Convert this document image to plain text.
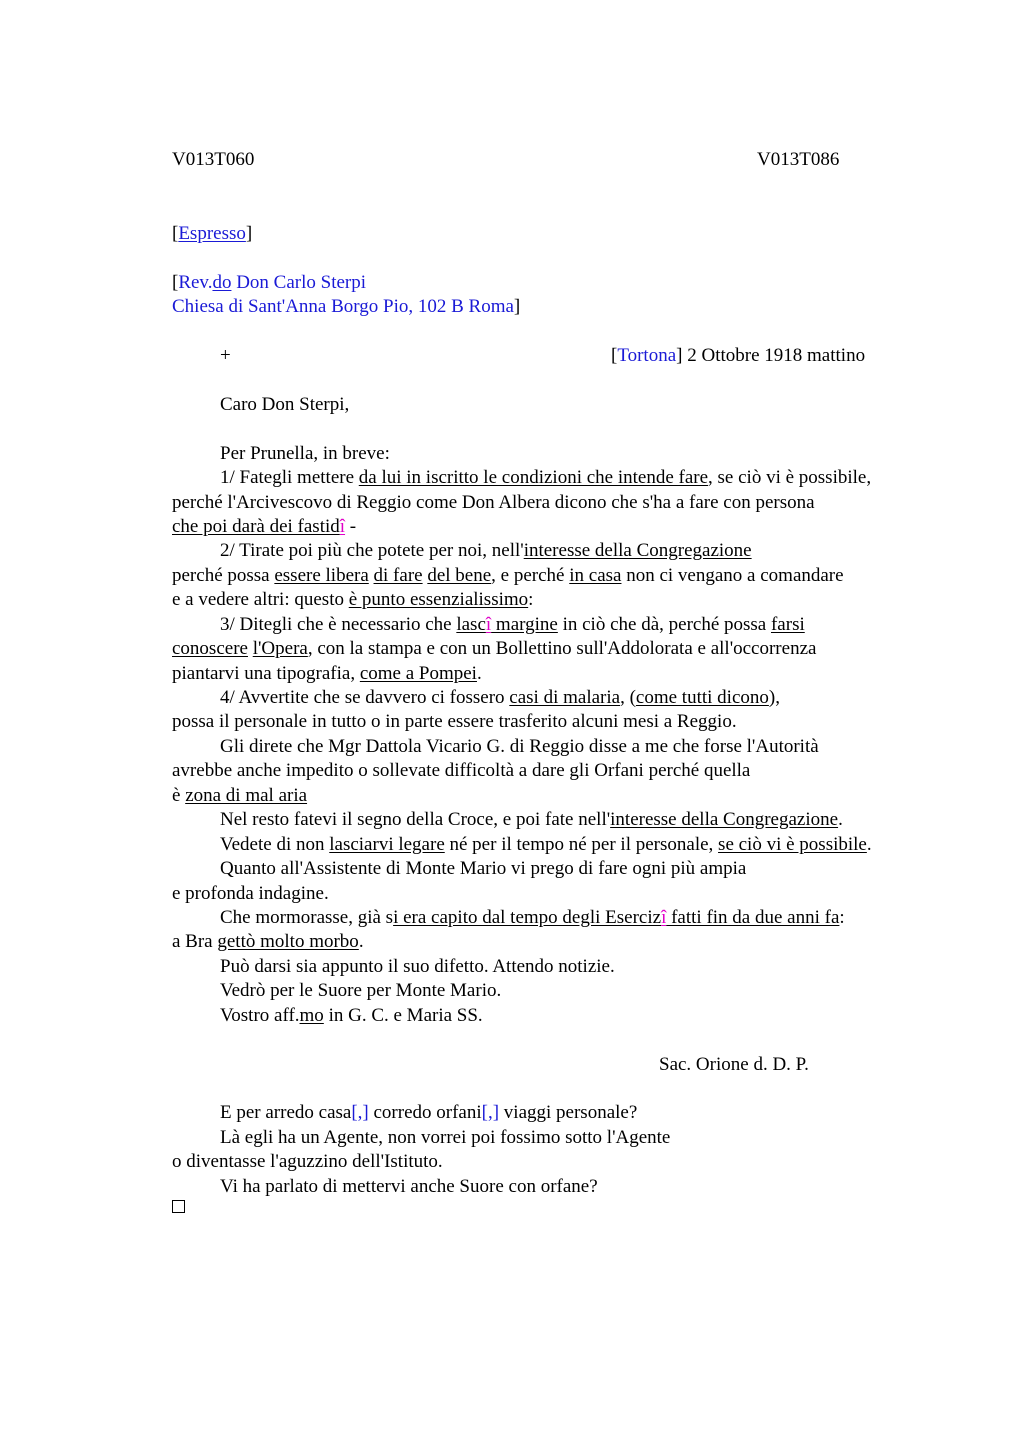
V013T060	V013T086
[Espresso]
[Rev.do Don Carlo Sterpi
Chiesa di Sant'Anna Borgo Pio, 102 B Roma]
+	[Tortona] 2 Ottobre 1918 mattino
Caro Don Sterpi,
Per Prunella, in breve:
1/ Fategli mettere da lui in iscritto le condizioni che intende fare, se ciò vi è possibile,
perché l'Arcivescovo di Reggio come Don Albera dicono che s'ha a fare con persona
che poi darà dei fastidî -
2/ Tirate poi più che potete per noi, nell'interesse della Congregazione
perché possa essere libera di fare del bene, e perché in casa non ci vengano a comandare
e a vedere altri: questo è punto essenzialissimo:
3/ Ditegli che è necessario che lascî margine in ciò che dà, perché possa farsi
conoscere l'Opera, con la stampa e con un Bollettino sull'Addolorata e all'occorrenza
piantarvi una tipografia, come a Pompei.
4/ Avvertite che se davvero ci fossero casi di malaria, (come tutti dicono),
possa il personale in tutto o in parte essere trasferito alcuni mesi a Reggio.
Gli direte che Mgr Dattola Vicario G. di Reggio disse a me che forse l'Autorità
avrebbe anche impedito o sollevate difficoltà a dare gli Orfani perché quella
è zona di mal aria
Nel resto fatevi il segno della Croce, e poi fate nell'interesse della Congregazione.
Vedete di non lasciarvi legare né per il tempo né per il personale, se ciò vi è possibile.
Quanto all'Assistente di Monte Mario vi prego di fare ogni più ampia
e profonda indagine.
Che mormorasse, già si era capito dal tempo degli Esercizî fatti fin da due anni fa:
a Bra gettò molto morbo.
Può darsi sia appunto il suo difetto. Attendo notizie.
Vedrò per le Suore per Monte Mario.
Vostro aff.mo in G. C. e Maria SS.
Sac. Orione d. D. P.
E per arredo casa[,] corredo orfani[,] viaggi personale?
Là egli ha un Agente, non vorrei poi fossimo sotto l'Agente
o diventasse l'aguzzino dell'Istituto.
Vi ha parlato di mettervi anche Suore con orfane?
